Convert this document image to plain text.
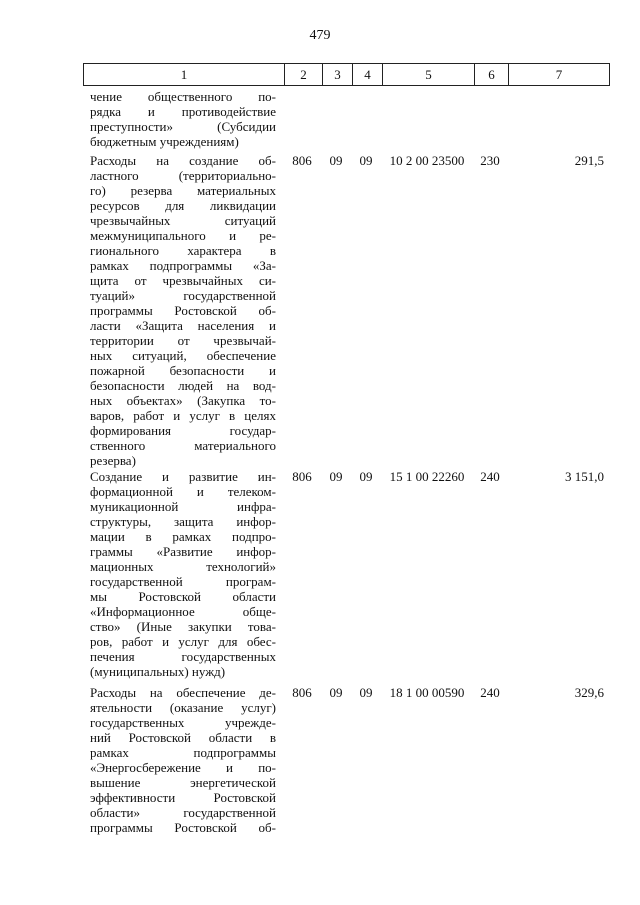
479
1	2	3	4	5	6	7
чение общественного по-
рядка и противодействие
преступности» (Субсидии
бюджетным учреждениям)
Расходы на создание об-
ластного (территориально-
го) резерва материальных
ресурсов для ликвидации
чрезвычайных ситуаций
межмуниципального и ре-
гионального характера в
рамках подпрограммы «За-
щита от чрезвычайных си-
туаций» государственной
программы Ростовской об-
ласти «Защита населения и
территории от чрезвычай-
ных ситуаций, обеспечение
пожарной безопасности и
безопасности людей на вод-
ных объектах» (Закупка то-
варов, работ и услуг в целях
формирования государ-
ственного материального
резерва)
806	09	09	10 2 00 23500	230	291,5
Создание и развитие ин-
формационной и телеком-
муникационной инфра-
структуры, защита инфор-
мации в рамках подпро-
граммы «Развитие инфор-
мационных технологий»
государственной програм-
мы Ростовской области
«Информационное обще-
ство» (Иные закупки това-
ров, работ и услуг для обес-
печения государственных
(муниципальных) нужд)
806	09	09	15 1 00 22260	240	3 151,0
Расходы на обеспечение де-
ятельности (оказание услуг)
государственных учрежде-
ний Ростовской области в
рамках подпрограммы
«Энергосбережение и по-
вышение энергетической
эффективности Ростовской
области» государственной
программы Ростовской об-
806	09	09	18 1 00 00590	240	329,6
